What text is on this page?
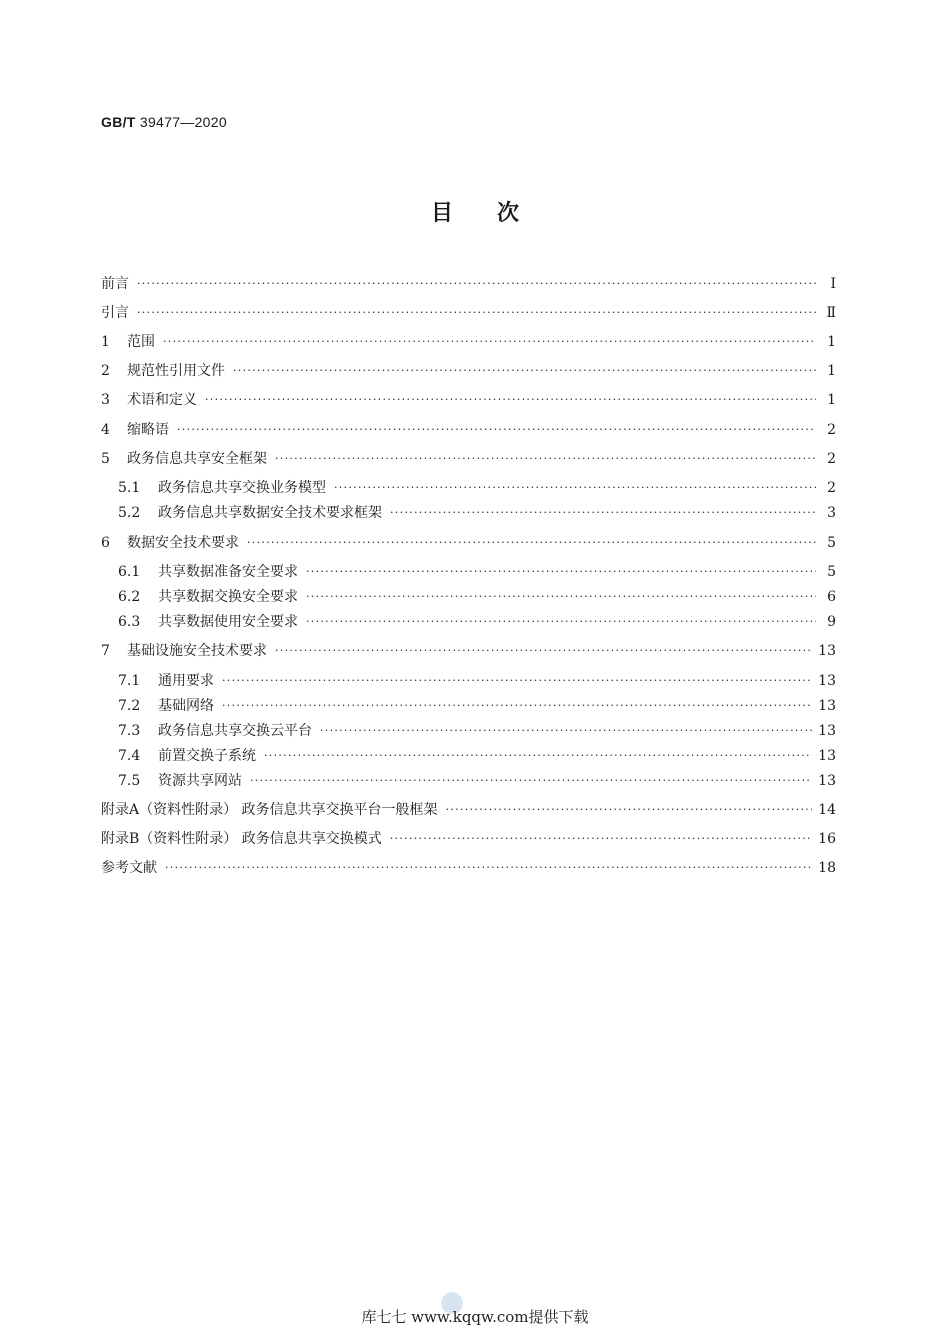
GB/T 39477—2020
目次
前言 ·····	Ⅰ
引言 ·····	Ⅱ
1	范围 ·····	1
2	规范性引用文件 ·····	1
3	术语和定义 ·····	1
4	缩略语 ·····	2
5	政务信息共享安全框架 ·····	2
5.1	政务信息共享交换业务模型 ·····	2
5.2	政务信息共享数据安全技术要求框架 ·····	3
6	数据安全技术要求 ·····	5
6.1	共享数据准备安全要求 ·····	5
6.2	共享数据交换安全要求 ·····	6
6.3	共享数据使用安全要求 ·····	9
7	基础设施安全技术要求 ·····	13
7.1	通用要求 ·····	13
7.2	基础网络 ·····	13
7.3	政务信息共享交换云平台 ·····	13
7.4	前置交换子系统 ·····	13
7.5	资源共享网站 ·····	13
附录A（资料性附录） 政务信息共享交换平台一般框架 ·····	14
附录B（资料性附录） 政务信息共享交换模式 ·····	16
参考文献 ·····	18
库七七 www.kqqw.com提供下载
